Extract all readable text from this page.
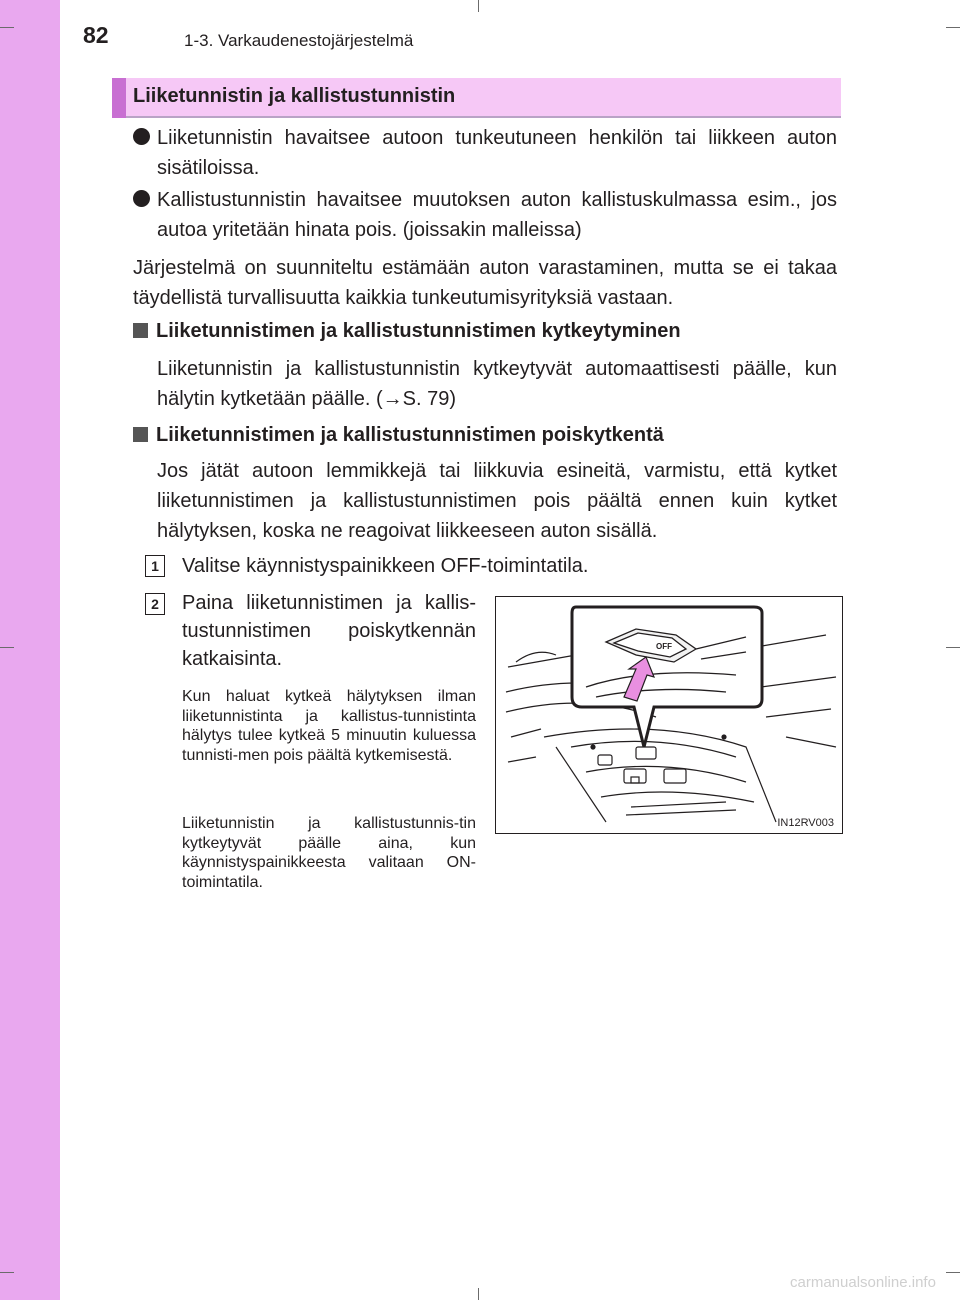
82	1-3. Varkaudenestojärjestelmä
Liiketunnistin ja kallistustunnistin
Liiketunnistin havaitsee autoon tunkeutuneen henkilön tai liikkeen auton sisätiloissa.
Kallistustunnistin havaitsee muutoksen auton kallistuskulmassa esim., jos autoa yritetään hinata pois. (joissakin malleissa)
Järjestelmä on suunniteltu estämään auton varastaminen, mutta se ei takaa täydellistä turvallisuutta kaikkia tunkeutumisyrityksiä vastaan.
Liiketunnistimen ja kallistustunnistimen kytkeytyminen
Liiketunnistin ja kallistustunnistin kytkeytyvät automaattisesti päälle, kun hälytin kytketään päälle. (→S. 79)
Liiketunnistimen ja kallistustunnistimen poiskytkentä
Jos jätät autoon lemmikkejä tai liikkuvia esineitä, varmistu, että kytket liiketunnistimen ja kallistustunnistimen pois päältä ennen kuin kytket hälytyksen, koska ne reagoivat liikkeeseen auton sisällä.
1	Valitse käynnistyspainikkeen OFF-toimintatila.
2	Paina liiketunnistimen ja kallis-tustunnistimen poiskytkennän katkaisinta.
Kun haluat kytkeä hälytyksen ilman liiketunnistinta ja kallistus-tunnistinta hälytys tulee kytkeä 5 minuutin kuluessa tunnisti-men pois päältä kytkemisestä.
Liiketunnistin ja kallistustunnis-tin kytkeytyvät päälle aina, kun käynnistyspainikkeesta valitaan ON-toimintatila.
OFF
IN12RV003
carmanualsonline.info
